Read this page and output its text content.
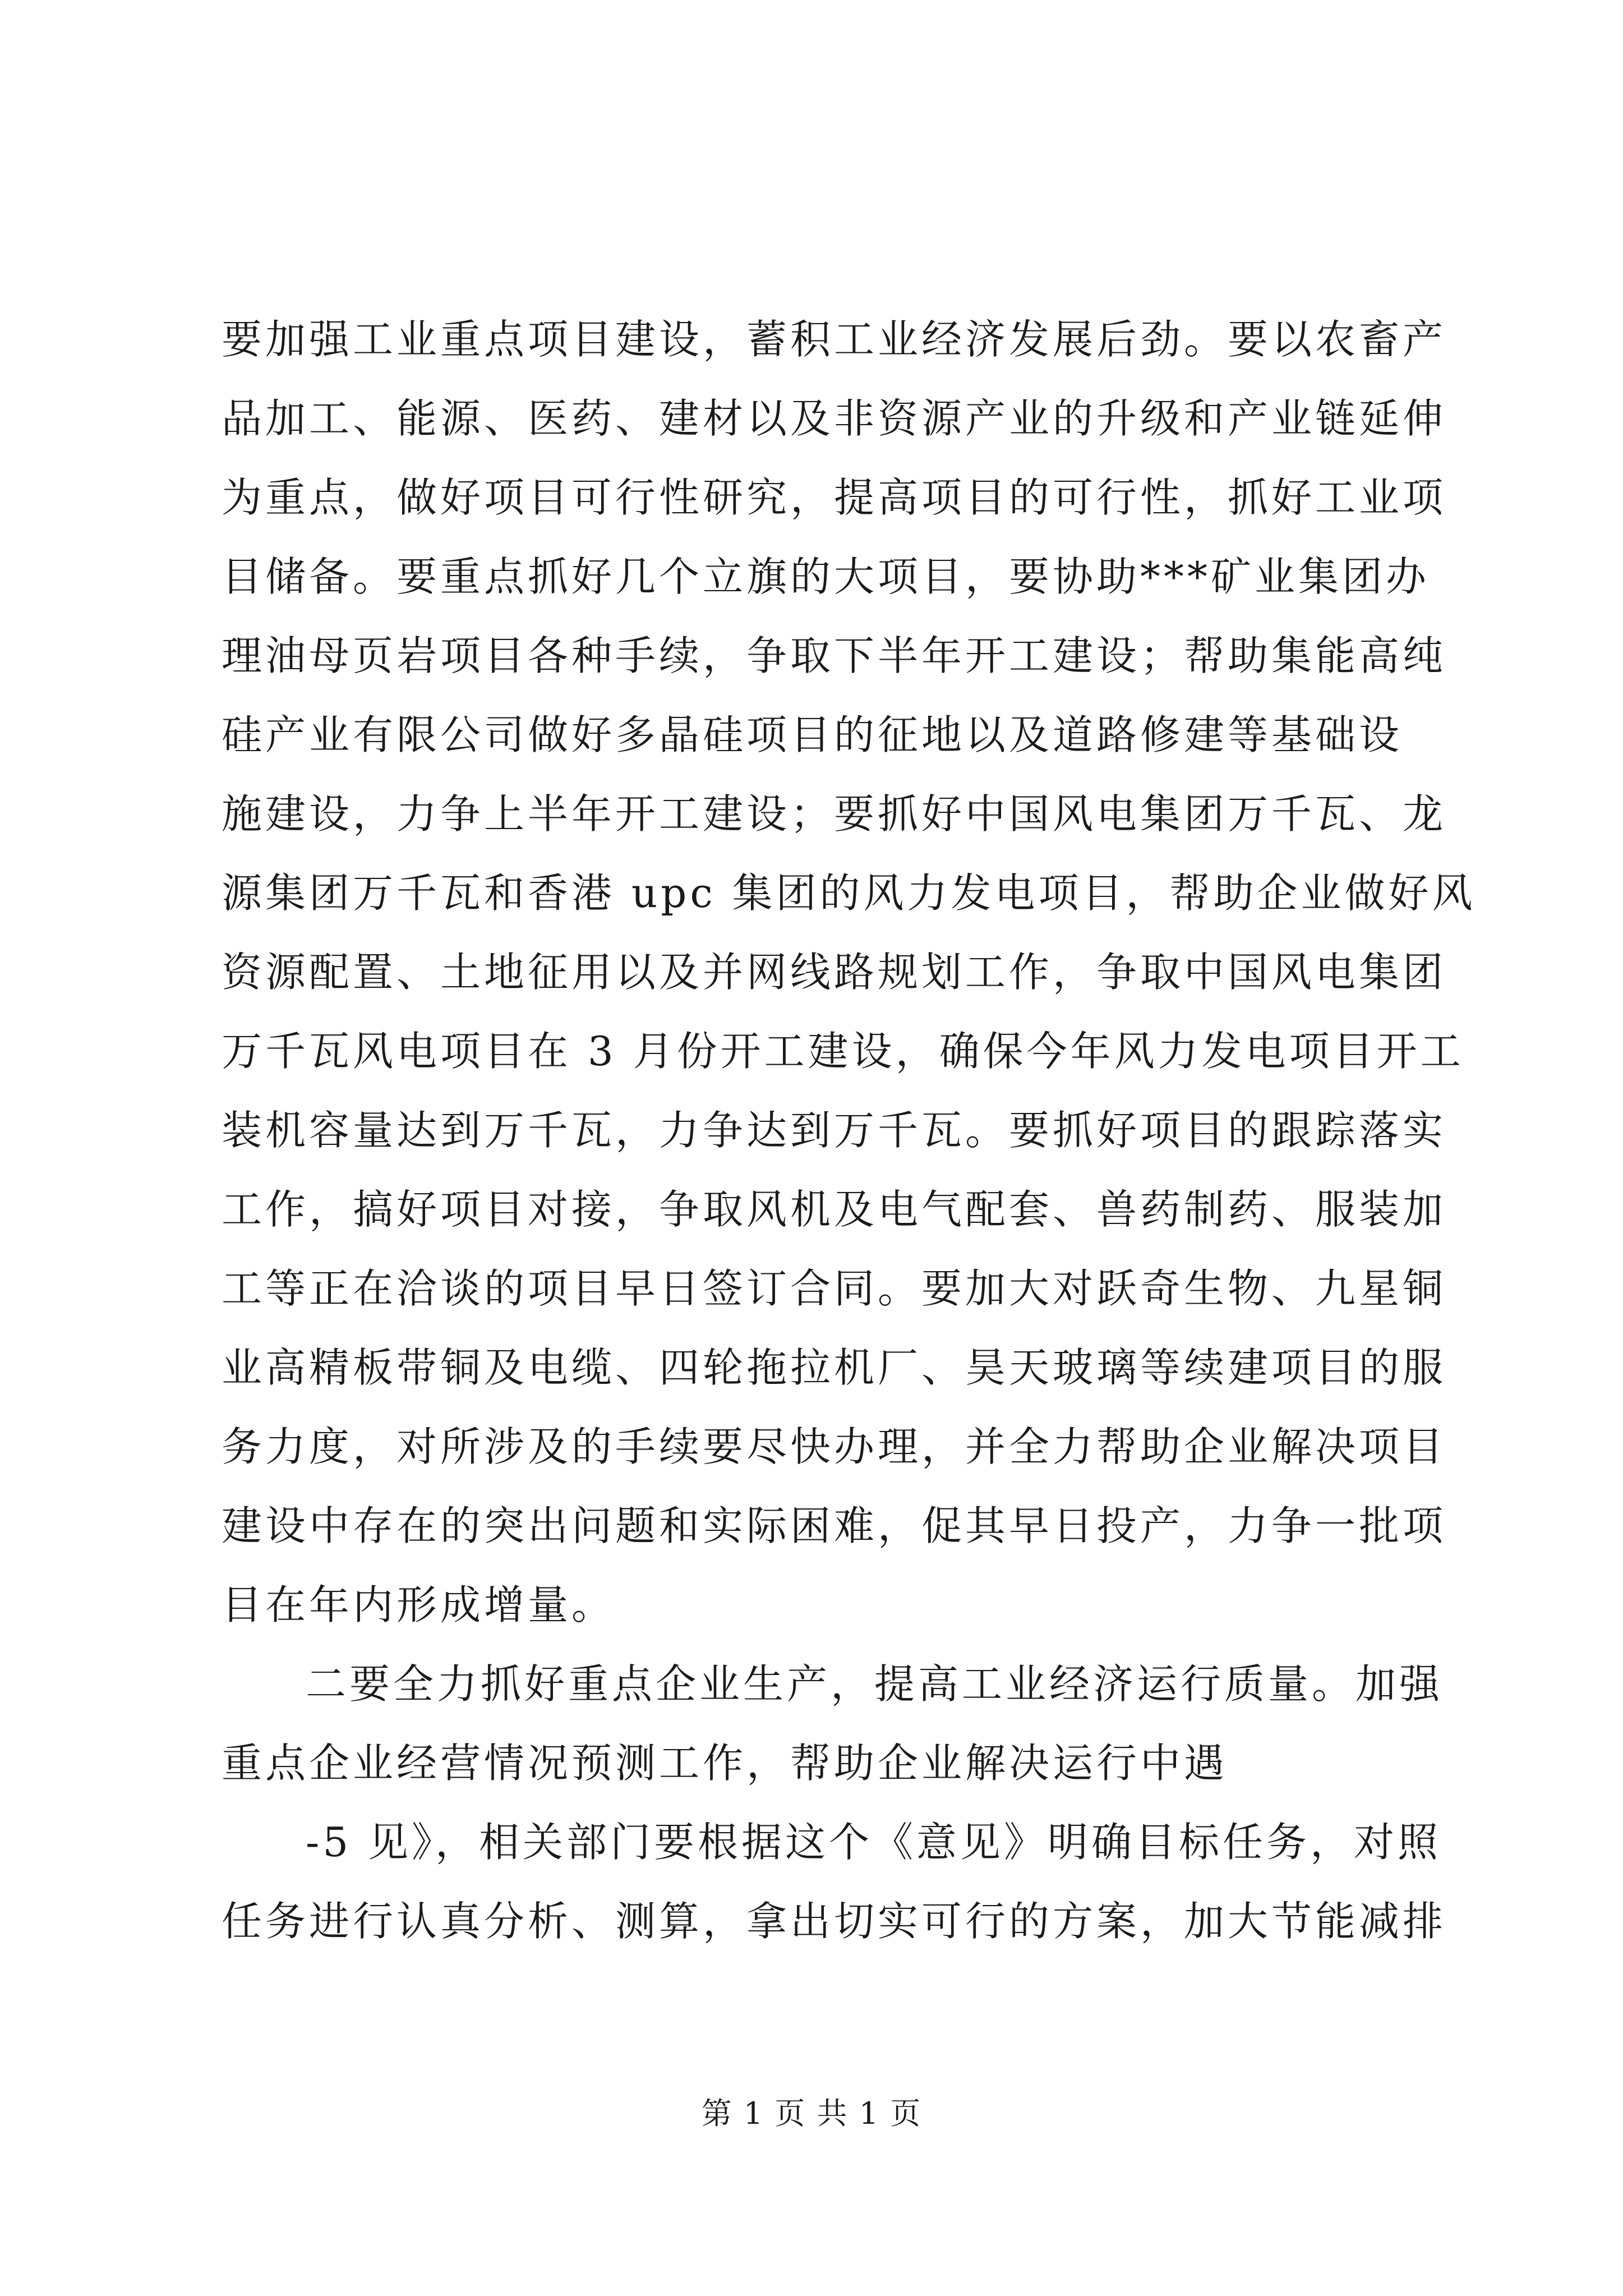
要加强工业重点项目建设，蓄积工业经济发展后劲。要以农畜产
品加工、能源、医药、建材以及非资源产业的升级和产业链延伸
为重点，做好项目可行性研究，提高项目的可行性，抓好工业项
目储备。要重点抓好几个立旗的大项目，要协助***矿业集团办
理油母页岩项目各种手续，争取下半年开工建设；帮助集能高纯
硅产业有限公司做好多晶硅项目的征地以及道路修建等基础设
施建设，力争上半年开工建设；要抓好中国风电集团万千瓦、龙
源集团万千瓦和香港 upc 集团的风力发电项目，帮助企业做好风
资源配置、土地征用以及并网线路规划工作，争取中国风电集团
万千瓦风电项目在 3 月份开工建设，确保今年风力发电项目开工
装机容量达到万千瓦，力争达到万千瓦。要抓好项目的跟踪落实
工作，搞好项目对接，争取风机及电气配套、兽药制药、服装加
工等正在洽谈的项目早日签订合同。要加大对跃奇生物、九星铜
业高精板带铜及电缆、四轮拖拉机厂、昊天玻璃等续建项目的服
务力度，对所涉及的手续要尽快办理，并全力帮助企业解决项目
建设中存在的突出问题和实际困难，促其早日投产，力争一批项
目在年内形成增量。
二要全力抓好重点企业生产，提高工业经济运行质量。加强
重点企业经营情况预测工作，帮助企业解决运行中遇
-5 见》，相关部门要根据这个《意见》明确目标任务，对照
任务进行认真分析、测算，拿出切实可行的方案，加大节能减排
第 1 页 共 1 页
